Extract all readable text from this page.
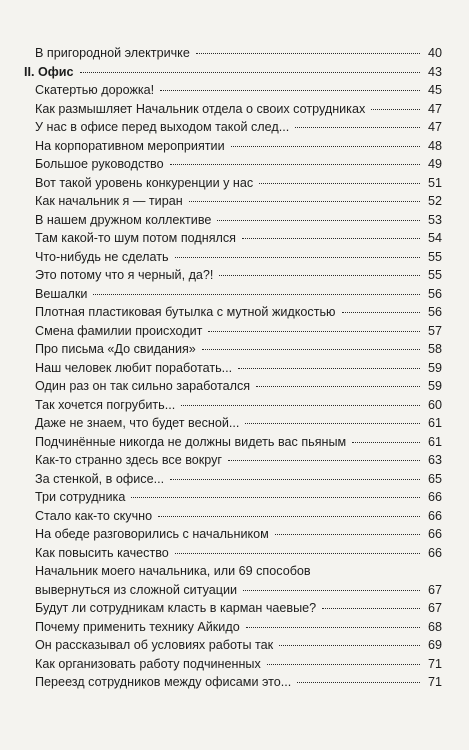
В пригородной электричке	40
II. Офис	43
Скатертью дорожка!	45
Как размышляет Начальник отдела о своих сотрудниках	47
У нас в офисе перед выходом такой след...	47
На корпоративном мероприятии	48
Большое руководство	49
Вот такой уровень конкуренции у нас	51
Как начальник я — тиран	52
В нашем дружном коллективе	53
Там какой-то шум потом поднялся	54
Что-нибудь не сделать	55
Это потому что я черный, да?!	55
Вешалки	56
Плотная пластиковая бутылка с мутной жидкостью	56
Смена фамилии происходит	57
Про письма «До свидания»	58
Наш человек любит поработать...	59
Один раз он так сильно заработался	59
Так хочется погрубить...	60
Даже не знаем, что будет весной...	61
Подчинённые никогда не должны видеть вас пьяным	61
Как-то странно здесь все вокруг	63
За стенкой, в офисе...	65
Три сотрудника	66
Стало как-то скучно	66
На обеде разговорились с начальником	66
Как повысить качество	66
Начальник моего начальника, или 69 способов
вывернуться из сложной ситуации	67
Будут ли сотрудникам класть в карман чаевые?	67
Почему применить технику Айкидо	68
Он рассказывал об условиях работы так	69
Как организовать работу подчиненных	71
Переезд сотрудников между офисами это...	71
